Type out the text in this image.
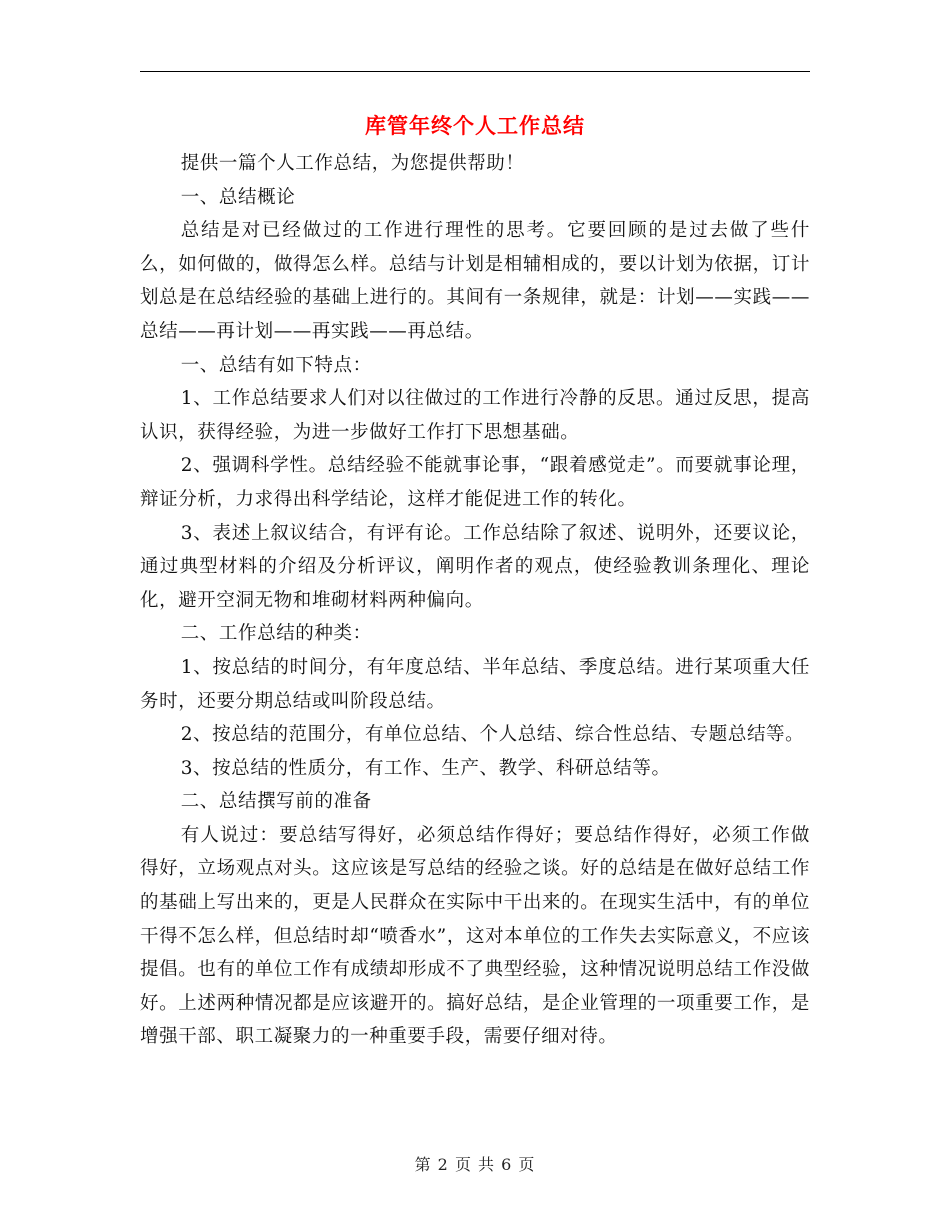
库管年终个人工作总结

提供一篇个人工作总结，为您提供帮助！

一、总结概论

总结是对已经做过的工作进行理性的思考。它要回顾的是过去做了些什么，如何做的，做得怎么样。总结与计划是相辅相成的，要以计划为依据，订计划总是在总结经验的基础上进行的。其间有一条规律，就是：计划——实践——总结——再计划——再实践——再总结。

一、总结有如下特点：

1、工作总结要求人们对以往做过的工作进行冷静的反思。通过反思，提高认识，获得经验，为进一步做好工作打下思想基础。

2、强调科学性。总结经验不能就事论事，“跟着感觉走”。而要就事论理，辩证分析，力求得出科学结论，这样才能促进工作的转化。

3、表述上叙议结合，有评有论。工作总结除了叙述、说明外，还要议论，通过典型材料的介绍及分析评议，阐明作者的观点，使经验教训条理化、理论化，避开空洞无物和堆砌材料两种偏向。

二、工作总结的种类：

1、按总结的时间分，有年度总结、半年总结、季度总结。进行某项重大任务时，还要分期总结或叫阶段总结。

2、按总结的范围分，有单位总结、个人总结、综合性总结、专题总结等。

3、按总结的性质分，有工作、生产、教学、科研总结等。

二、总结撰写前的准备

有人说过：要总结写得好，必须总结作得好；要总结作得好，必须工作做得好，立场观点对头。这应该是写总结的经验之谈。好的总结是在做好总结工作的基础上写出来的，更是人民群众在实际中干出来的。在现实生活中，有的单位干得不怎么样，但总结时却“喷香水”，这对本单位的工作失去实际意义，不应该提倡。也有的单位工作有成绩却形成不了典型经验，这种情况说明总结工作没做好。上述两种情况都是应该避开的。搞好总结，是企业管理的一项重要工作，是增强干部、职工凝聚力的一种重要手段，需要仔细对待。

第 2 页 共 6 页
